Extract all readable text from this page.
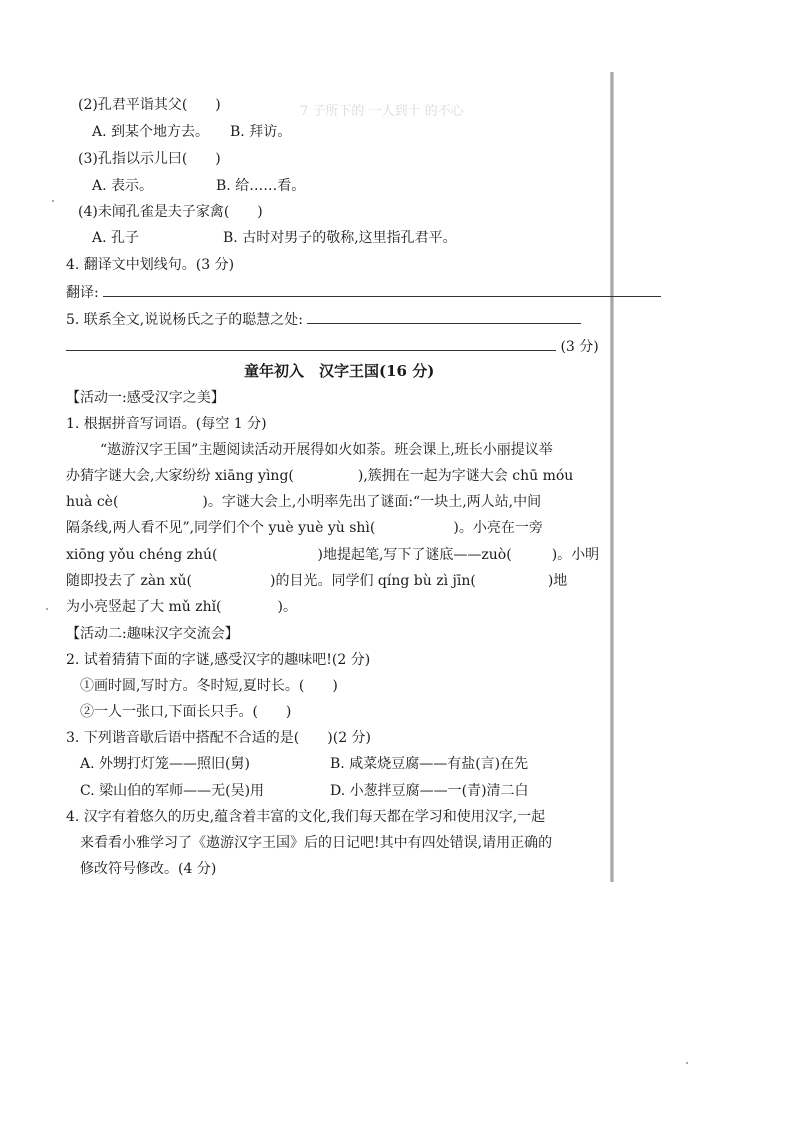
7 子所下的 一人到十 的不心

(2)孔君平诣其父(　　)
A. 到某个地方去。　　B. 拜访。
(3)孔指以示儿曰(　　)
A. 表示。　　　　　B. 给……看。
(4)未闻孔雀是夫子家禽(　　)
A. 孔子　　　　　　B. 古时对男子的敬称,这里指孔君平。
4. 翻译文中划线句。(3 分)
翻译:
5. 联系全文,说说杨氏之子的聪慧之处:
(3 分)
童年初入　汉字王国(16 分)
【活动一:感受汉字之美】
1. 根据拼音写词语。(每空 1 分)
“遨游汉字王国”主题阅读活动开展得如火如荼。班会课上,班长小丽提议举
办猜字谜大会,大家纷纷 xiāng yìng(	),簇拥在一起为字谜大会 chū móu
huà cè(	)。字谜大会上,小明率先出了谜面:“一块土,两人站,中间
隔条线,两人看不见”,同学们个个 yuè yuè yù shì(	)。小亮在一旁
xiōng yǒu chéng zhú(	)地提起笔,写下了谜底——zuò(	)。小明
随即投去了 zàn xǔ(	)的目光。同学们 qíng bù zì jīn(	)地
为小亮竖起了大 mǔ zhǐ(	)。
【活动二:趣味汉字交流会】
2. 试着猜猜下面的字谜,感受汉字的趣味吧!(2 分)
①画时圆,写时方。冬时短,夏时长。(　　)
②一人一张口,下面长只手。(　　)
3. 下列谐音歇后语中搭配不合适的是(　　)(2 分)
A. 外甥打灯笼——照旧(舅)	B. 咸菜烧豆腐——有盐(言)在先
C. 梁山伯的军师——无(吴)用	D. 小葱拌豆腐——一(青)清二白
4. 汉字有着悠久的历史,蕴含着丰富的文化,我们每天都在学习和使用汉字,一起
来看看小雅学习了《遨游汉字王国》后的日记吧!其中有四处错误,请用正确的
修改符号修改。(4 分)
